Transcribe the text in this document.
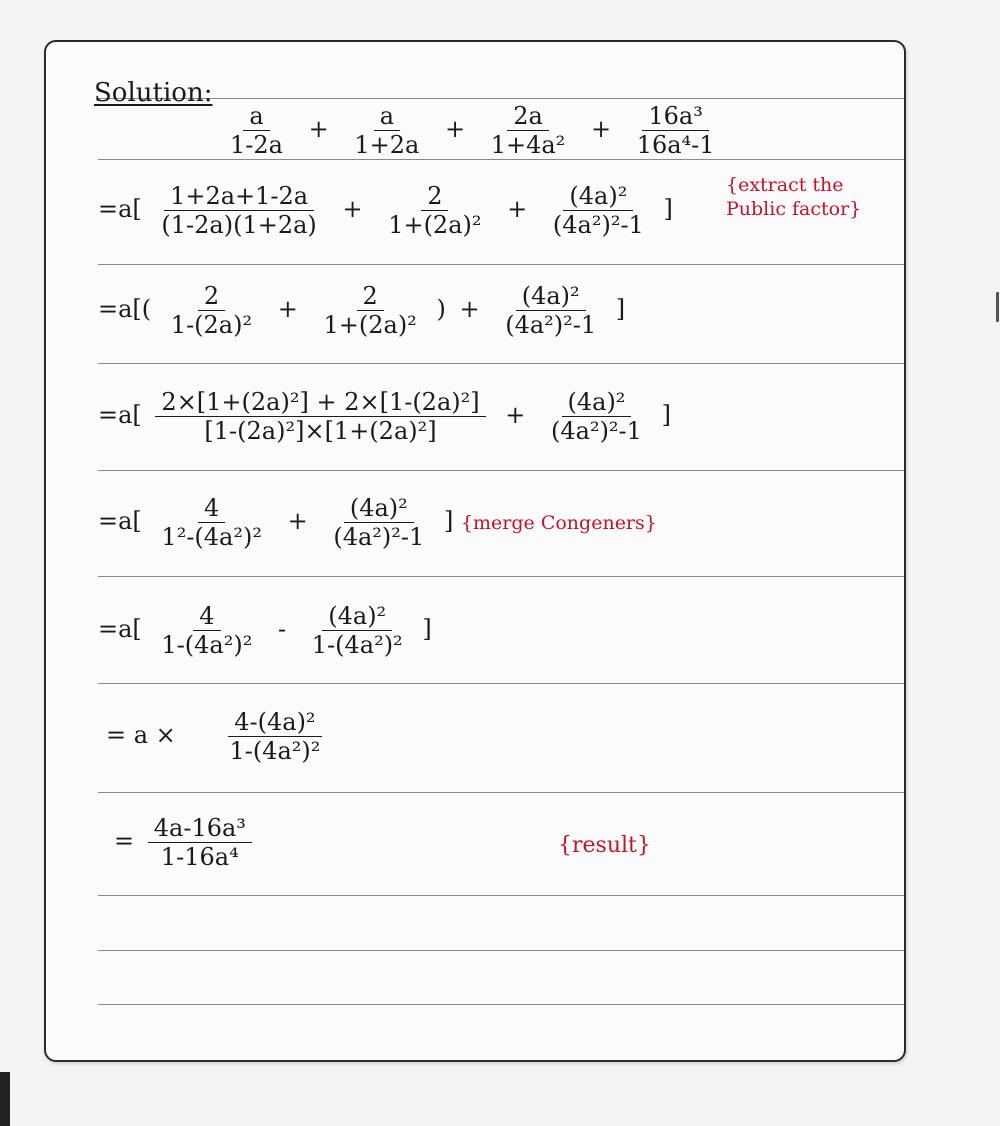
Solution:
$\frac{a}{1-2a} + \frac{a}{1+2a} + \frac{2a}{\text{1+4a²}} + \frac{\text{16a³}}{\text{16a⁴-1}}$
$=a[ \frac{1+2a+1-2a}{(1-2a)(1+2a)} + \frac{2}{\text{1+(2a)²}} + \frac{\text{(4a)²}}{\text{(4a²)²-1}}$ ]
{extract the
Public factor}
$=a[( \frac{2}{\text{1-(2a)²}} + \frac{2}{\text{1+(2a)²}}$ ) + $\frac{\text{(4a)²}}{\text{(4a²)²-1}}$ ]
$=a[ \frac{\text{2×[1+(2a)²] + 2×[1-(2a)²]}}{\text{[1-(2a)²]×[1+(2a)²]}} + \frac{\text{(4a)²}}{\text{(4a²)²-1}}$ ]
$=a[ \frac{4}{\text{1²-(4a²)²}} + \frac{\text{(4a)²}}{\text{(4a²)²-1}}$ ] {merge Congeners}
$=a[ \frac{4}{\text{1-(4a²)²}} - \frac{\text{(4a)²}}{\text{1-(4a²)²}}$ ]
= $a \times \frac{\text{4-(4a)²}}{\text{1-(4a²)²}}$
= $\frac{\text{4a-16a³}}{\text{1-16a⁴}}$	{result}
